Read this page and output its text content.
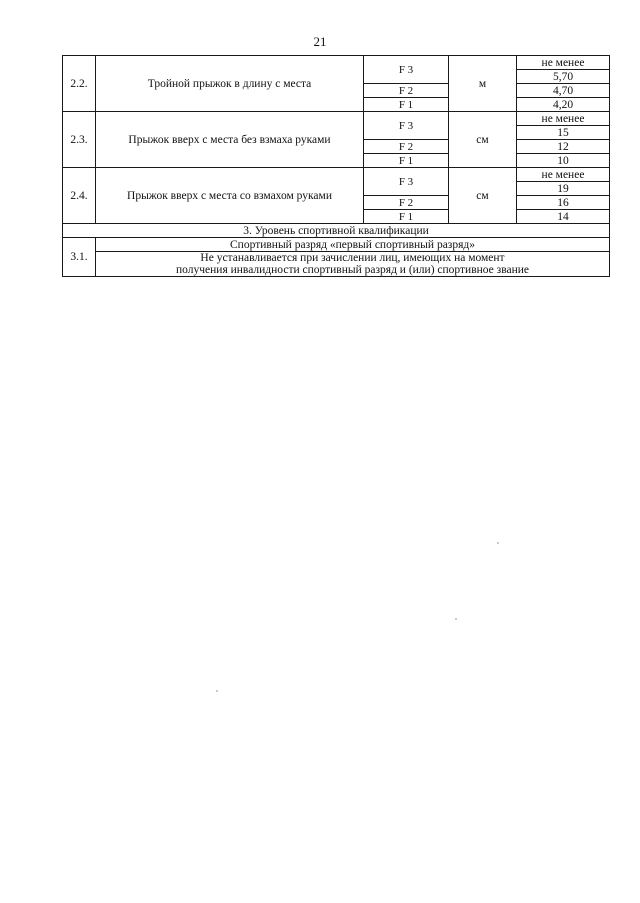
21
2.2.	Тройной прыжок в длину с места	F 3	м	не менее
				5,70
		F 2		4,70
		F 1		4,20
2.3.	Прыжок вверх с места без взмаха руками	F 3	см	не менее
				15
		F 2		12
		F 1		10
2.4.	Прыжок вверх с места со взмахом руками	F 3	см	не менее
				19
		F 2		16
		F 1		14
3. Уровень спортивной квалификации				
3.1.	Спортивный разряд «первый спортивный разряд»			

	Не устанавливается при зачислении лиц, имеющих на момент
получения инвалидности спортивный разряд и (или) спортивное звание			
